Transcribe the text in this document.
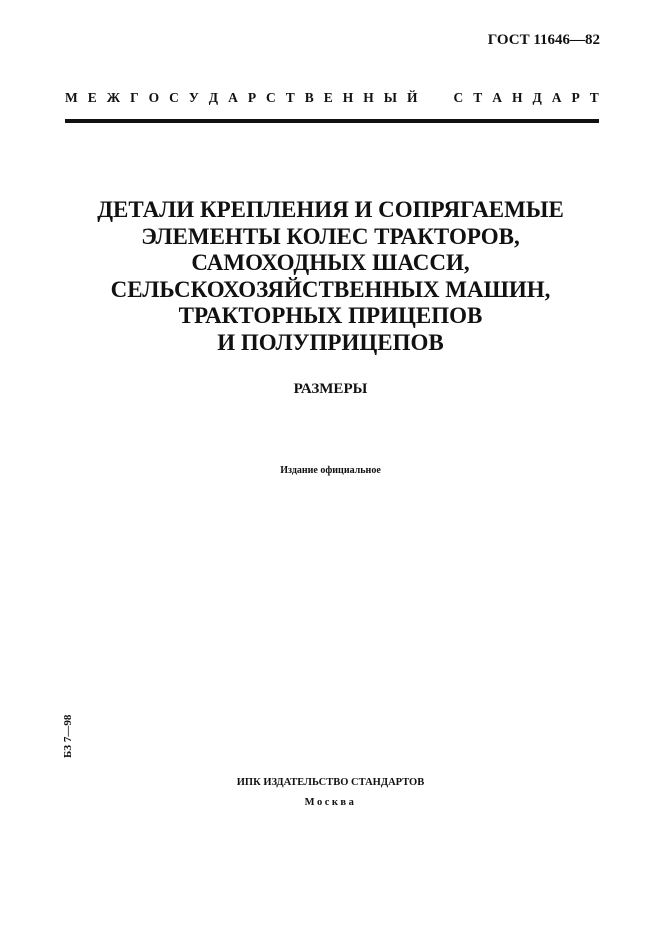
ГОСТ 11646—82
М Е Ж Г О С У Д А Р С Т В Е Н Н Ы Й	С Т А Н Д А Р Т
ДЕТАЛИ КРЕПЛЕНИЯ И СОПРЯГАЕМЫЕ
ЭЛЕМЕНТЫ КОЛЕС ТРАКТОРОВ,
САМОХОДНЫХ ШАССИ,
СЕЛЬСКОХОЗЯЙСТВЕННЫХ МАШИН,
ТРАКТОРНЫХ ПРИЦЕПОВ
И ПОЛУПРИЦЕПОВ
РАЗМЕРЫ
Издание официальное
БЗ 7—98
ИПК ИЗДАТЕЛЬСТВО СТАНДАРТОВ
Москва
